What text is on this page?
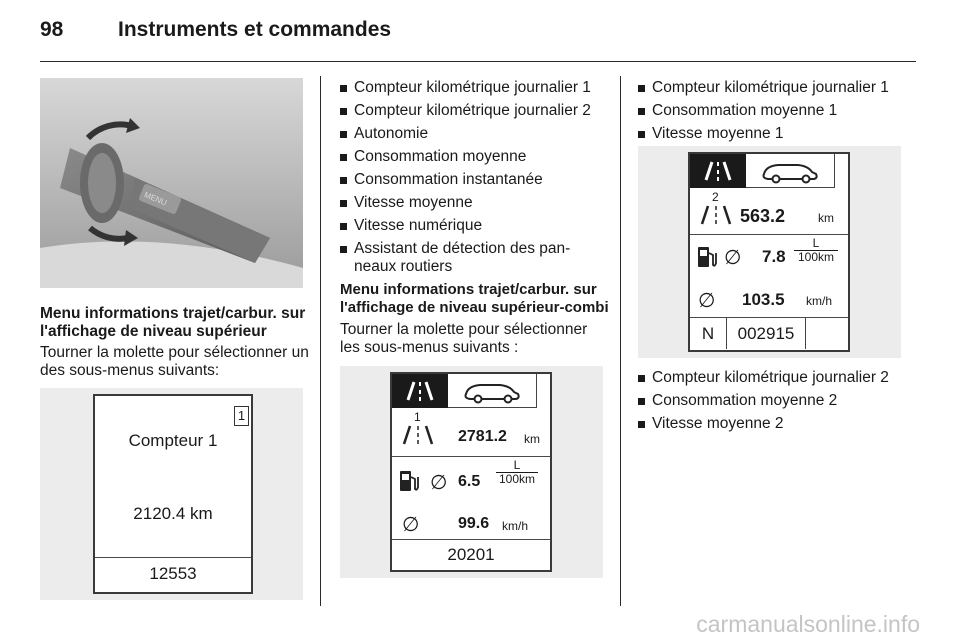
98	Instruments et commandes
MENU
Menu informations trajet/carbur. sur l'affichage de niveau supérieur
Tourner la molette pour sélectionner un des sous-menus suivants:
1
Compteur 1
2120.4 km
12553
Compteur kilométrique journalier 1
Compteur kilométrique journalier 2
Autonomie
Consommation moyenne
Consommation instantanée
Vitesse moyenne
Vitesse numérique
Assistant de détection des pan-neaux routiers
Menu informations trajet/carbur. sur l'affichage de niveau supérieur-combi
Tourner la molette pour sélectionner les sous-menus suivants :
1
2781.2 km
∅ $6.5 \frac{L}{100km}$
∅ 99.6 km/h
20201
Compteur kilométrique journalier 1
Consommation moyenne 1
Vitesse moyenne 1
2
563.2	km
∅ $7.8 \frac{L}{100km}$
∅ 103.5 km/h
N	002915
Compteur kilométrique journalier 2
Consommation moyenne 2
Vitesse moyenne 2
carmanualsonline.info
